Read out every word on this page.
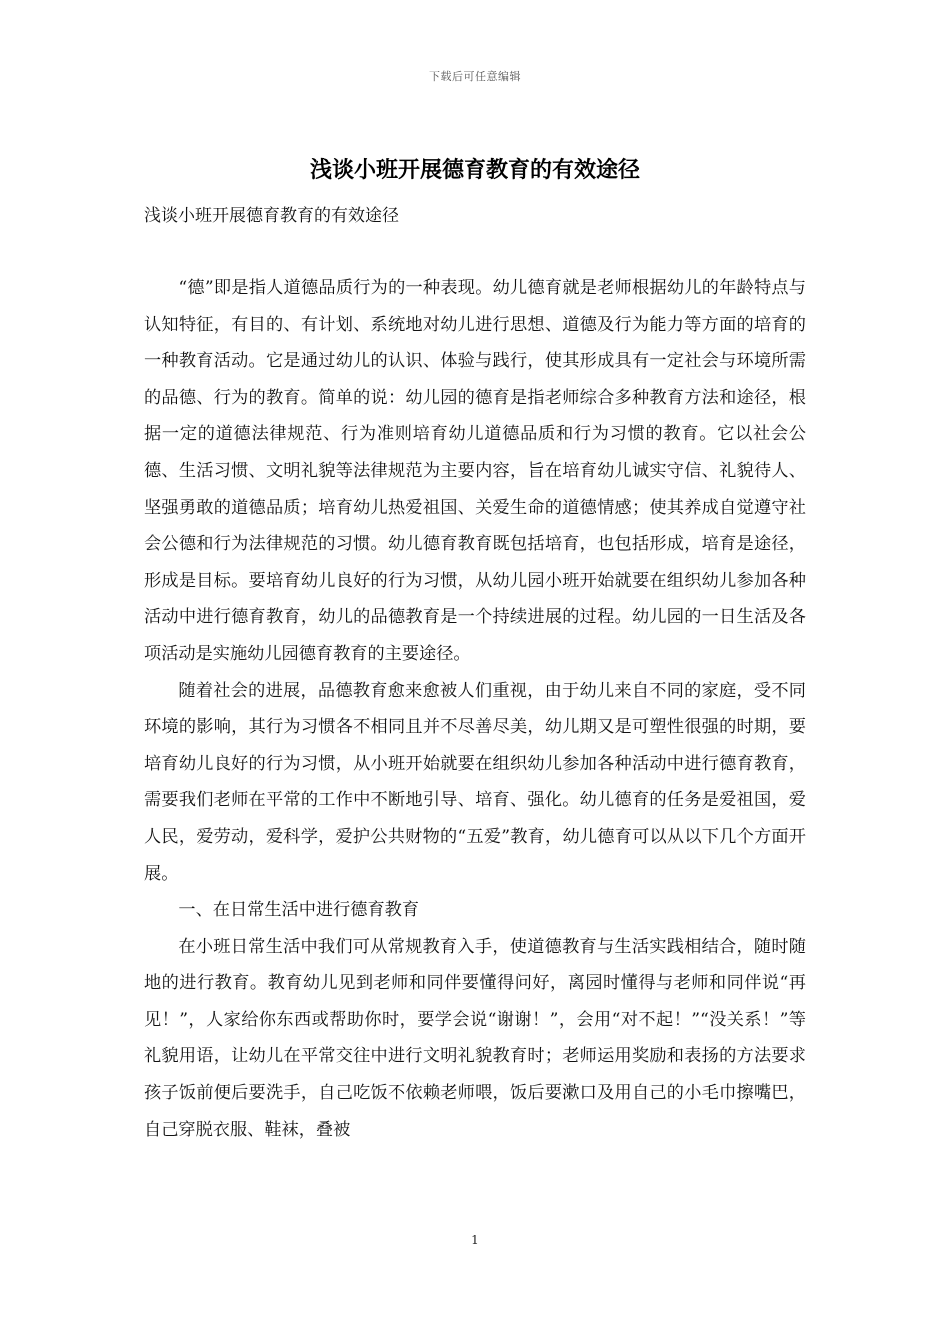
下载后可任意编辑
浅谈小班开展德育教育的有效途径
浅谈小班开展德育教育的有效途径

“德”即是指人道德品质行为的一种表现。幼儿德育就是老师根据幼儿的年龄特点与认知特征，有目的、有计划、系统地对幼儿进行思想、道德及行为能力等方面的培育的一种教育活动。它是通过幼儿的认识、体验与践行，使其形成具有一定社会与环境所需的品德、行为的教育。简单的说：幼儿园的德育是指老师综合多种教育方法和途径，根据一定的道德法律规范、行为准则培育幼儿道德品质和行为习惯的教育。它以社会公德、生活习惯、文明礼貌等法律规范为主要内容，旨在培育幼儿诚实守信、礼貌待人、坚强勇敢的道德品质；培育幼儿热爱祖国、关爱生命的道德情感；使其养成自觉遵守社会公德和行为法律规范的习惯。幼儿德育教育既包括培育，也包括形成，培育是途径，形成是目标。要培育幼儿良好的行为习惯，从幼儿园小班开始就要在组织幼儿参加各种活动中进行德育教育，幼儿的品德教育是一个持续进展的过程。幼儿园的一日生活及各项活动是实施幼儿园德育教育的主要途径。

随着社会的进展，品德教育愈来愈被人们重视，由于幼儿来自不同的家庭，受不同环境的影响，其行为习惯各不相同且并不尽善尽美，幼儿期又是可塑性很强的时期，要培育幼儿良好的行为习惯，从小班开始就要在组织幼儿参加各种活动中进行德育教育，需要我们老师在平常的工作中不断地引导、培育、强化。幼儿德育的任务是爱祖国，爱人民，爱劳动，爱科学，爱护公共财物的“五爱”教育，幼儿德育可以从以下几个方面开展。

一、在日常生活中进行德育教育

在小班日常生活中我们可从常规教育入手，使道德教育与生活实践相结合，随时随地的进行教育。教育幼儿见到老师和同伴要懂得问好，离园时懂得与老师和同伴说“再见！”，人家给你东西或帮助你时，要学会说“谢谢！”，会用“对不起！”“没关系！”等礼貌用语，让幼儿在平常交往中进行文明礼貌教育时；老师运用奖励和表扬的方法要求孩子饭前便后要洗手，自己吃饭不依赖老师喂，饭后要漱口及用自己的小毛巾擦嘴巴，自己穿脱衣服、鞋袜，叠被

1
